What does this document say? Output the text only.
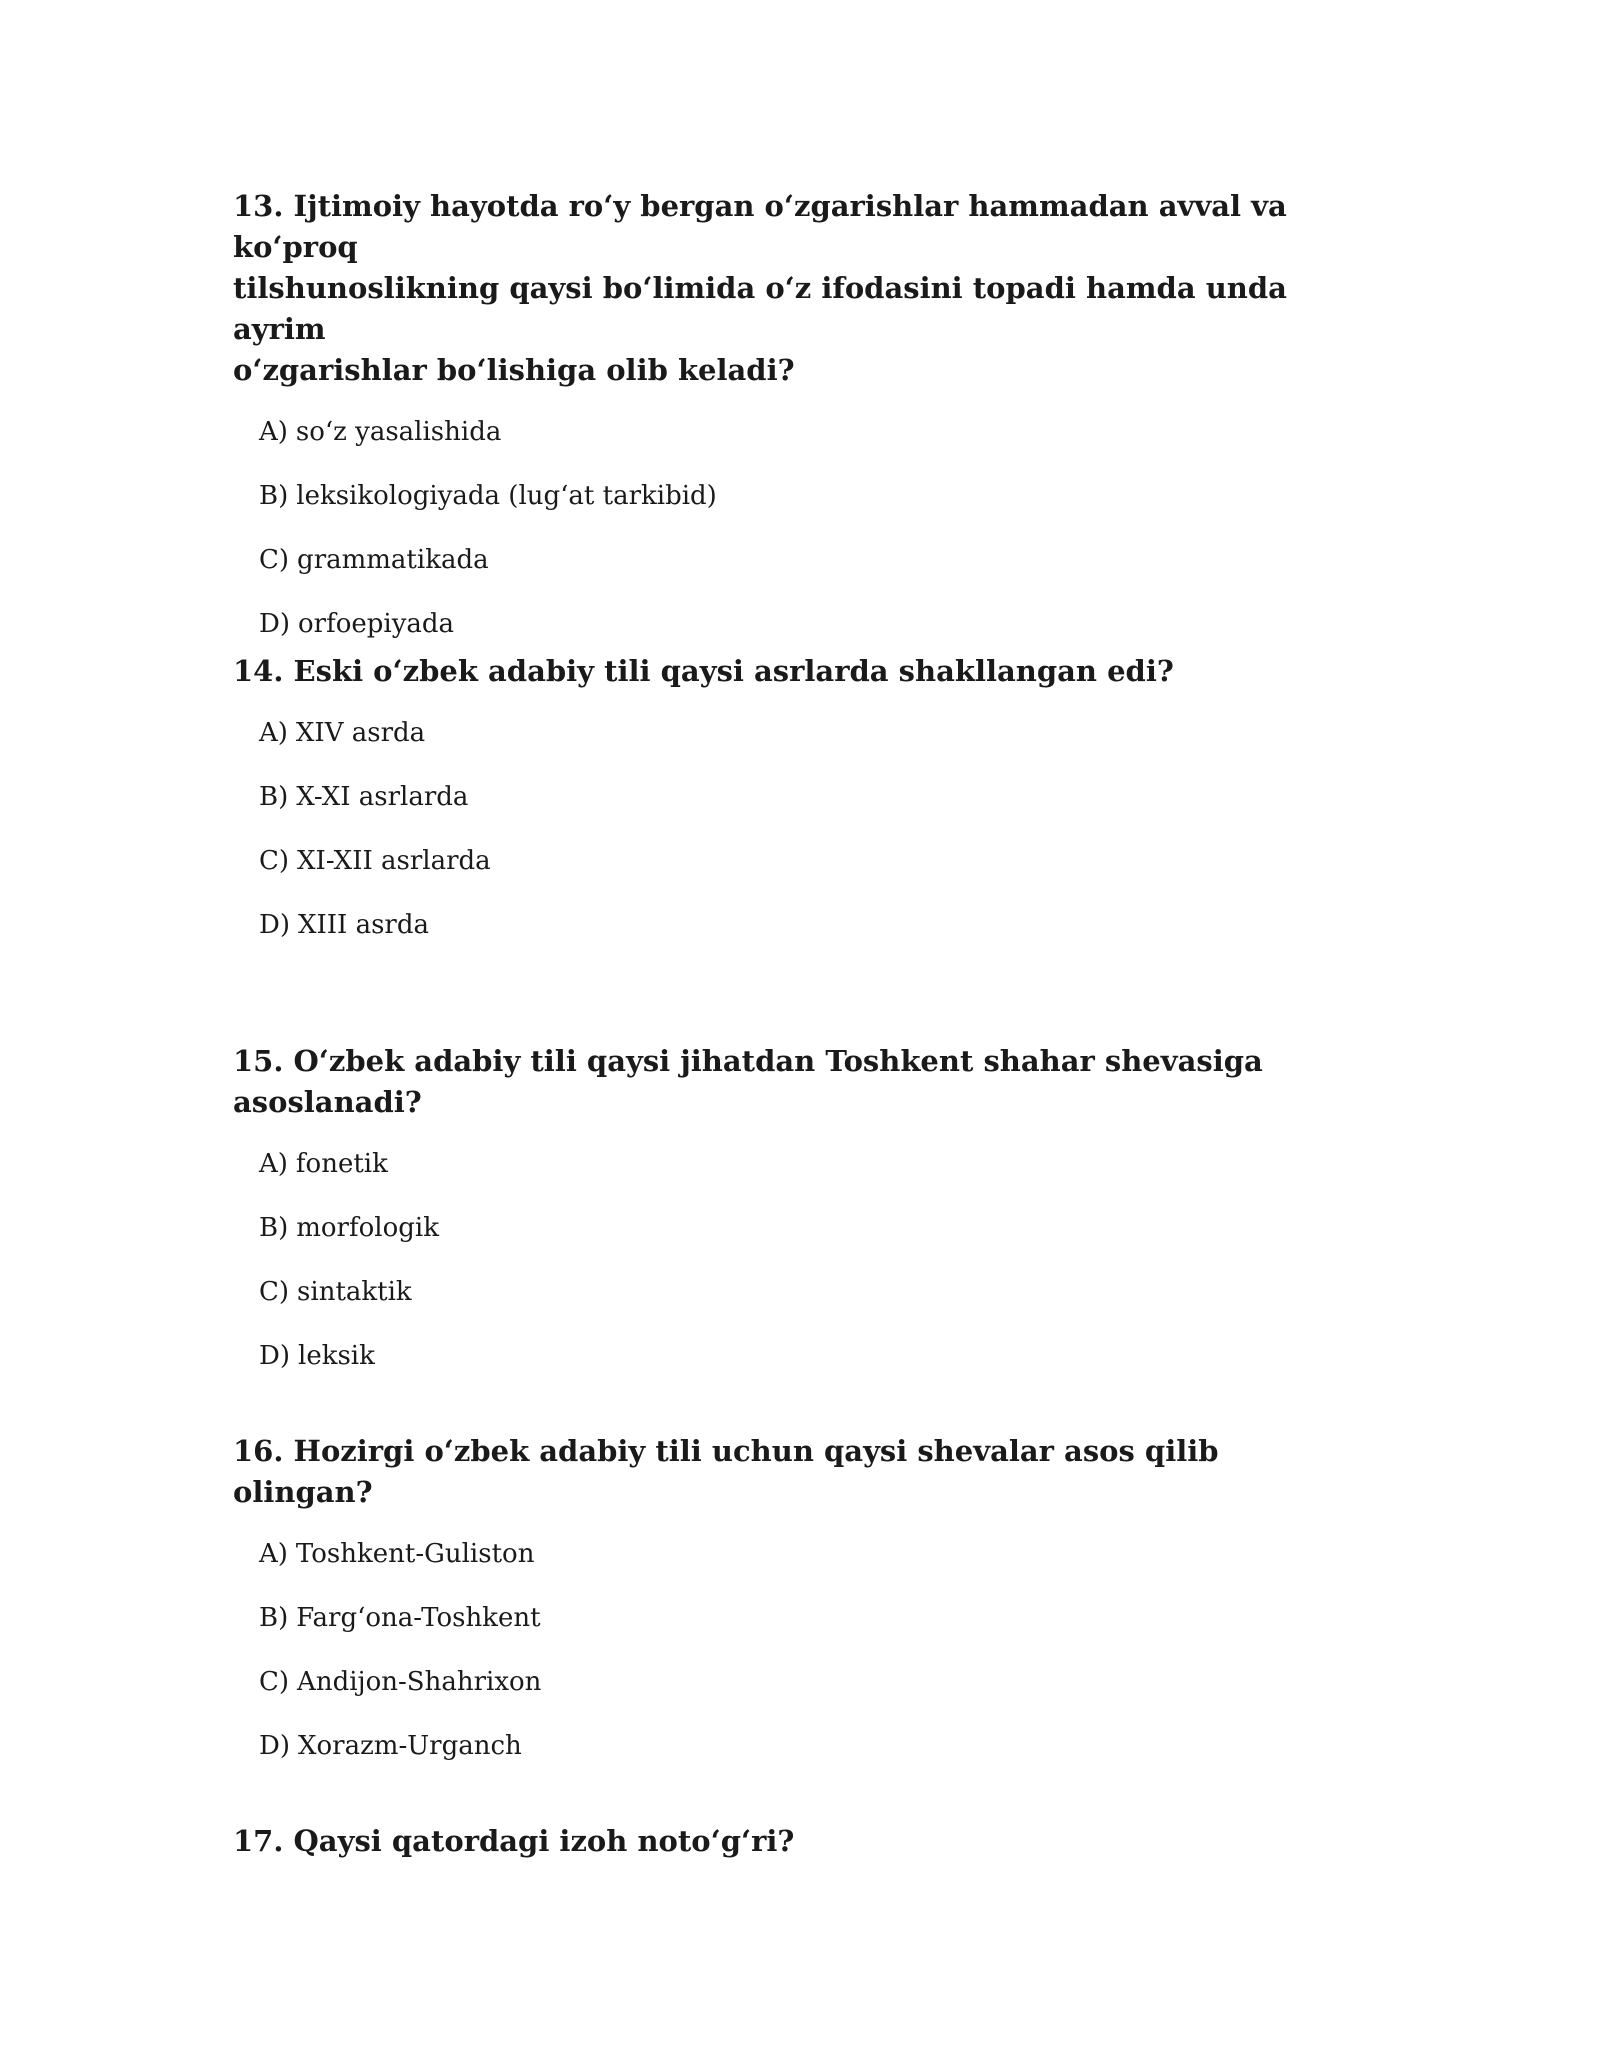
13. Ijtimoiy hayotda ro‘y bergan o‘zgarishlar hammadan avval va ko‘proq
tilshunoslikning qaysi bo‘limida o‘z ifodasini topadi hamda unda ayrim
o‘zgarishlar bo‘lishiga olib keladi?

A) so‘z yasalishida
B) leksikologiyada (lug‘at tarkibid)
C) grammatikada
D) orfoepiyada

14. Eski o‘zbek adabiy tili qaysi asrlarda shakllangan edi?

A) XIV asrda
B) X-XI asrlarda
C) XI-XII asrlarda
D) XIII asrda

15. O‘zbek adabiy tili qaysi jihatdan Toshkent shahar shevasiga asoslanadi?

A) fonetik
B) morfologik
C) sintaktik
D) leksik

16. Hozirgi o‘zbek adabiy tili uchun qaysi shevalar asos qilib olingan?

A) Toshkent-Guliston
B) Farg‘ona-Toshkent
C) Andijon-Shahrixon
D) Xorazm-Urganch

17. Qaysi qatordagi izoh noto‘g‘ri?
